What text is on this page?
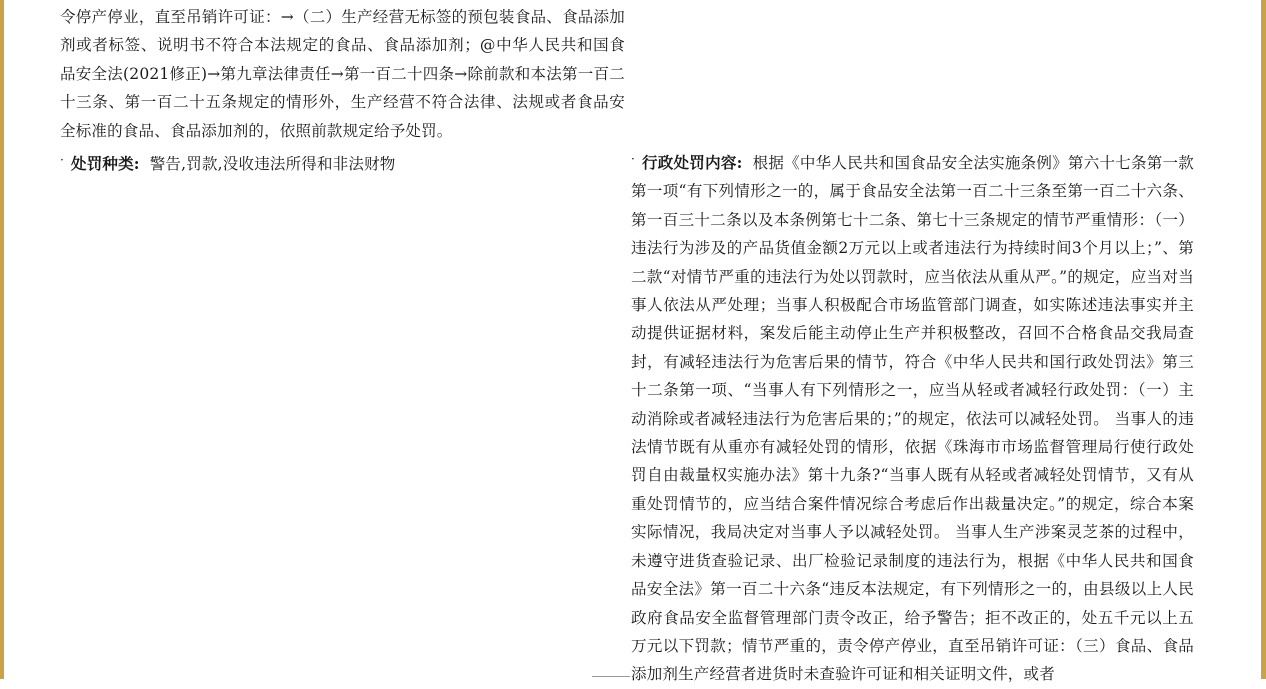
令停产停业，直至吊销许可证：→（二）生产经营无标签的预包装食品、食品添加剂或者标签、说明书不符合本法规定的食品、食品添加剂；@中华人民共和国食品安全法(2021修正)→第九章法律责任→第一百二十四条→除前款和本法第一百二十三条、第一百二十五条规定的情形外，生产经营不符合法律、法规或者食品安全标准的食品、食品添加剂的，依照前款规定给予处罚。

· 处罚种类: 警告,罚款,没收违法所得和非法财物	· 行政处罚内容: 根据《中华人民共和国食品安全法实施条例》第六十七条第一款第一项“有下列情形之一的，属于食品安全法第一百二十三条至第一百二十六条、第一百三十二条以及本条例第七十二条、第七十三条规定的情节严重情形：（一）违法行为涉及的产品货值金额2万元以上或者违法行为持续时间3个月以上；”、第二款“对情节严重的违法行为处以罚款时，应当依法从重从严。”的规定，应当对当事人依法从严处理；当事人积极配合市场监管部门调查，如实陈述违法事实并主动提供证据材料，案发后能主动停止生产并积极整改，召回不合格食品交我局查封，有减轻违法行为危害后果的情节，符合《中华人民共和国行政处罚法》第三十二条第一项、“当事人有下列情形之一，应当从轻或者减轻行政处罚：（一）主动消除或者减轻违法行为危害后果的；”的规定，依法可以减轻处罚。 当事人的违法情节既有从重亦有减轻处罚的情形，依据《珠海市市场监督管理局行使行政处罚自由裁量权实施办法》第十九条?“当事人既有从轻或者减轻处罚情节，又有从重处罚情节的，应当结合案件情况综合考虑后作出裁量决定。”的规定，综合本案实际情况，我局决定对当事人予以减轻处罚。 当事人生产涉案灵芝茶的过程中，未遵守进货查验记录、出厂检验记录制度的违法行为，根据《中华人民共和国食品安全法》第一百二十六条“违反本法规定，有下列情形之一的，由县级以上人民政府食品安全监督管理部门责令改正，给予警告；拒不改正的，处五千元以上五万元以下罚款；情节严重的，责令停产停业，直至吊销许可证：（三）食品、食品添加剂生产经营者进货时未查验许可证和相关证明文件，或者
